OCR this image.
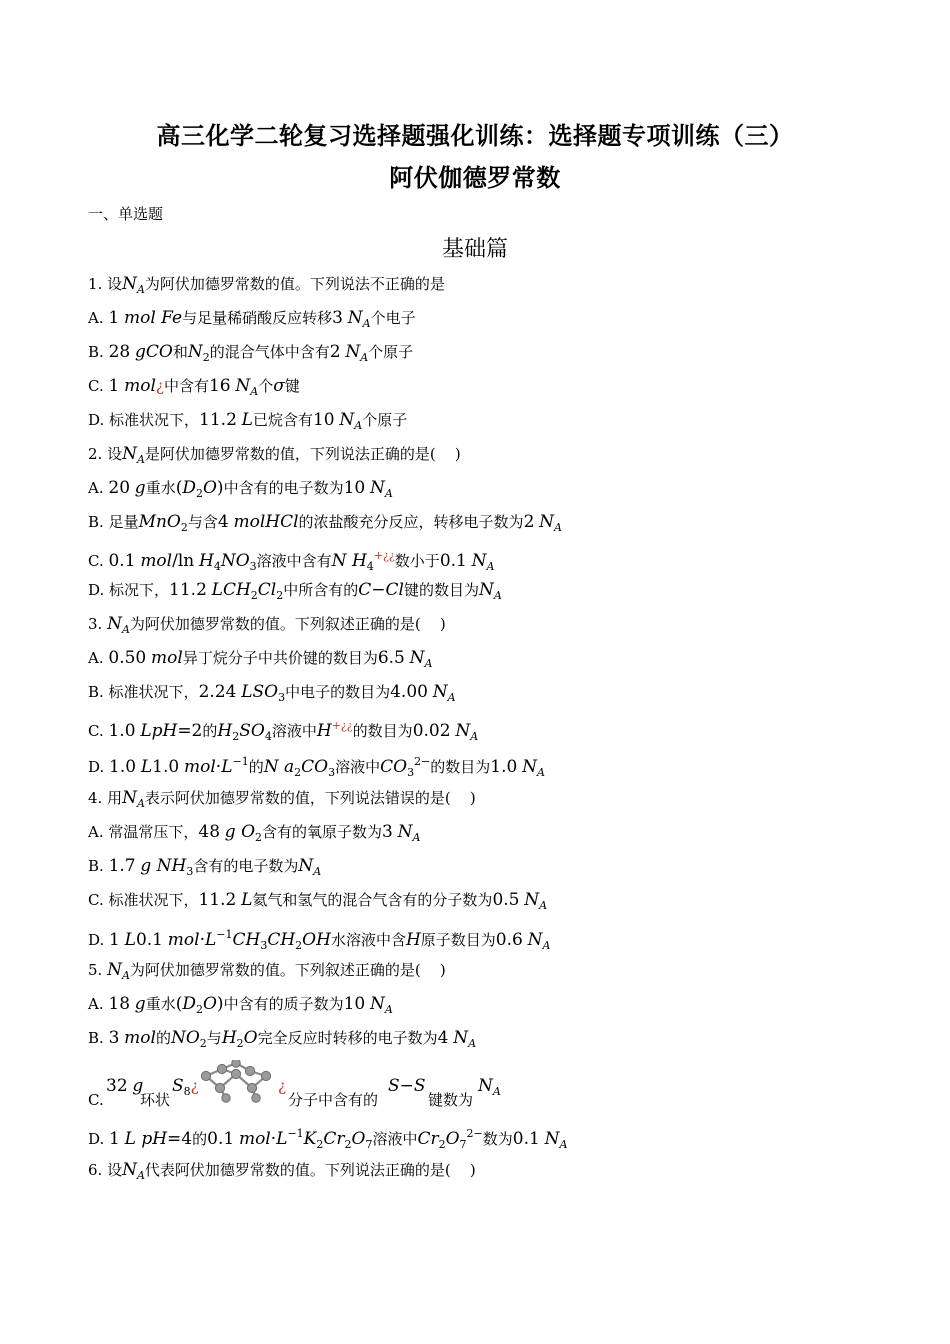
高三化学二轮复习选择题强化训练：选择题专项训练（三）
阿伏伽德罗常数
一、单选题
基础篇
1. 设$N_A$为阿伏加德罗常数的值。下列说法不正确的是
A. 1 mol Fe与足量稀硝酸反应转移3 $N_A$个电子
B. 28 gCO和$N_2$的混合气体中含有2 $N_A$个原子
C. 1 mol¿中含有16 $N_A$个σ键
D. 标准状况下，11.2 L已烷含有10 $N_A$个原子
2. 设$N_A$是阿伏加德罗常数的值，下列说法正确的是(    )
A. 20 g重水$(D_2O)$中含有的电子数为10 $N_A$
B. 足量MnO$_2$与含4 molHCl的浓盐酸充分反应，转移电子数为2 $N_A$
C. 0.1 mol/ln $H_4NO_3$溶液中含有N $H_4^{+¿¿}$数小于0.1 $N_A$
D. 标况下，11.2 $LCH_2Cl_2$中所含有的C−Cl键的数目为$N_A$
3. $N_A$为阿伏加德罗常数的值。下列叙述正确的是(    )
A. 0.50 mol异丁烷分子中共价键的数目为6.5 $N_A$
B. 标准状况下，2.24 $LSO_3$中电子的数目为4.00 $N_A$
C. 1.0 LpH=2的$H_2SO_4$溶液中H+¿¿的数目为0.02 $N_A$
D. 1.0 L1.0 $mol\cdot L^{-1}$的N $a_2CO_3$溶液中$CO_3^{2-}$的数目为1.0 $N_A$
4. 用$N_A$表示阿伏加德罗常数的值，下列说法错误的是(    )
A. 常温常压下，48 g $O_2$含有的氧原子数为3 $N_A$
B. 1.7 g $NH_3$含有的电子数为$N_A$
C. 标准状况下，11.2 L氦气和氢气的混合气含有的分子数为0.5 $N_A$
D. 1 L0.1 $mol\cdot L^{-1}CH_3CH_2OH$水溶液中含H原子数目为0.6 $N_A$
5. $N_A$为阿伏加德罗常数的值。下列叙述正确的是(    )
A. 18 g重水$(D_2O)$中含有的质子数为10 $N_A$
B. 3 mol的$NO_2$与$H_2O$完全反应时转移的电子数为4 $N_A$
C.
32 g
环状
$S_8¿$	¿
分子中含有的
S−S
键数为
$N_A$
D. 1 L pH=4的0.1 $mol\cdot L^{-1}K_2Cr_2O_7$溶液中$Cr_2O_7^{2-}$数为0.1 $N_A$
6. 设$N_A$代表阿伏加德罗常数的值。下列说法正确的是(    )
